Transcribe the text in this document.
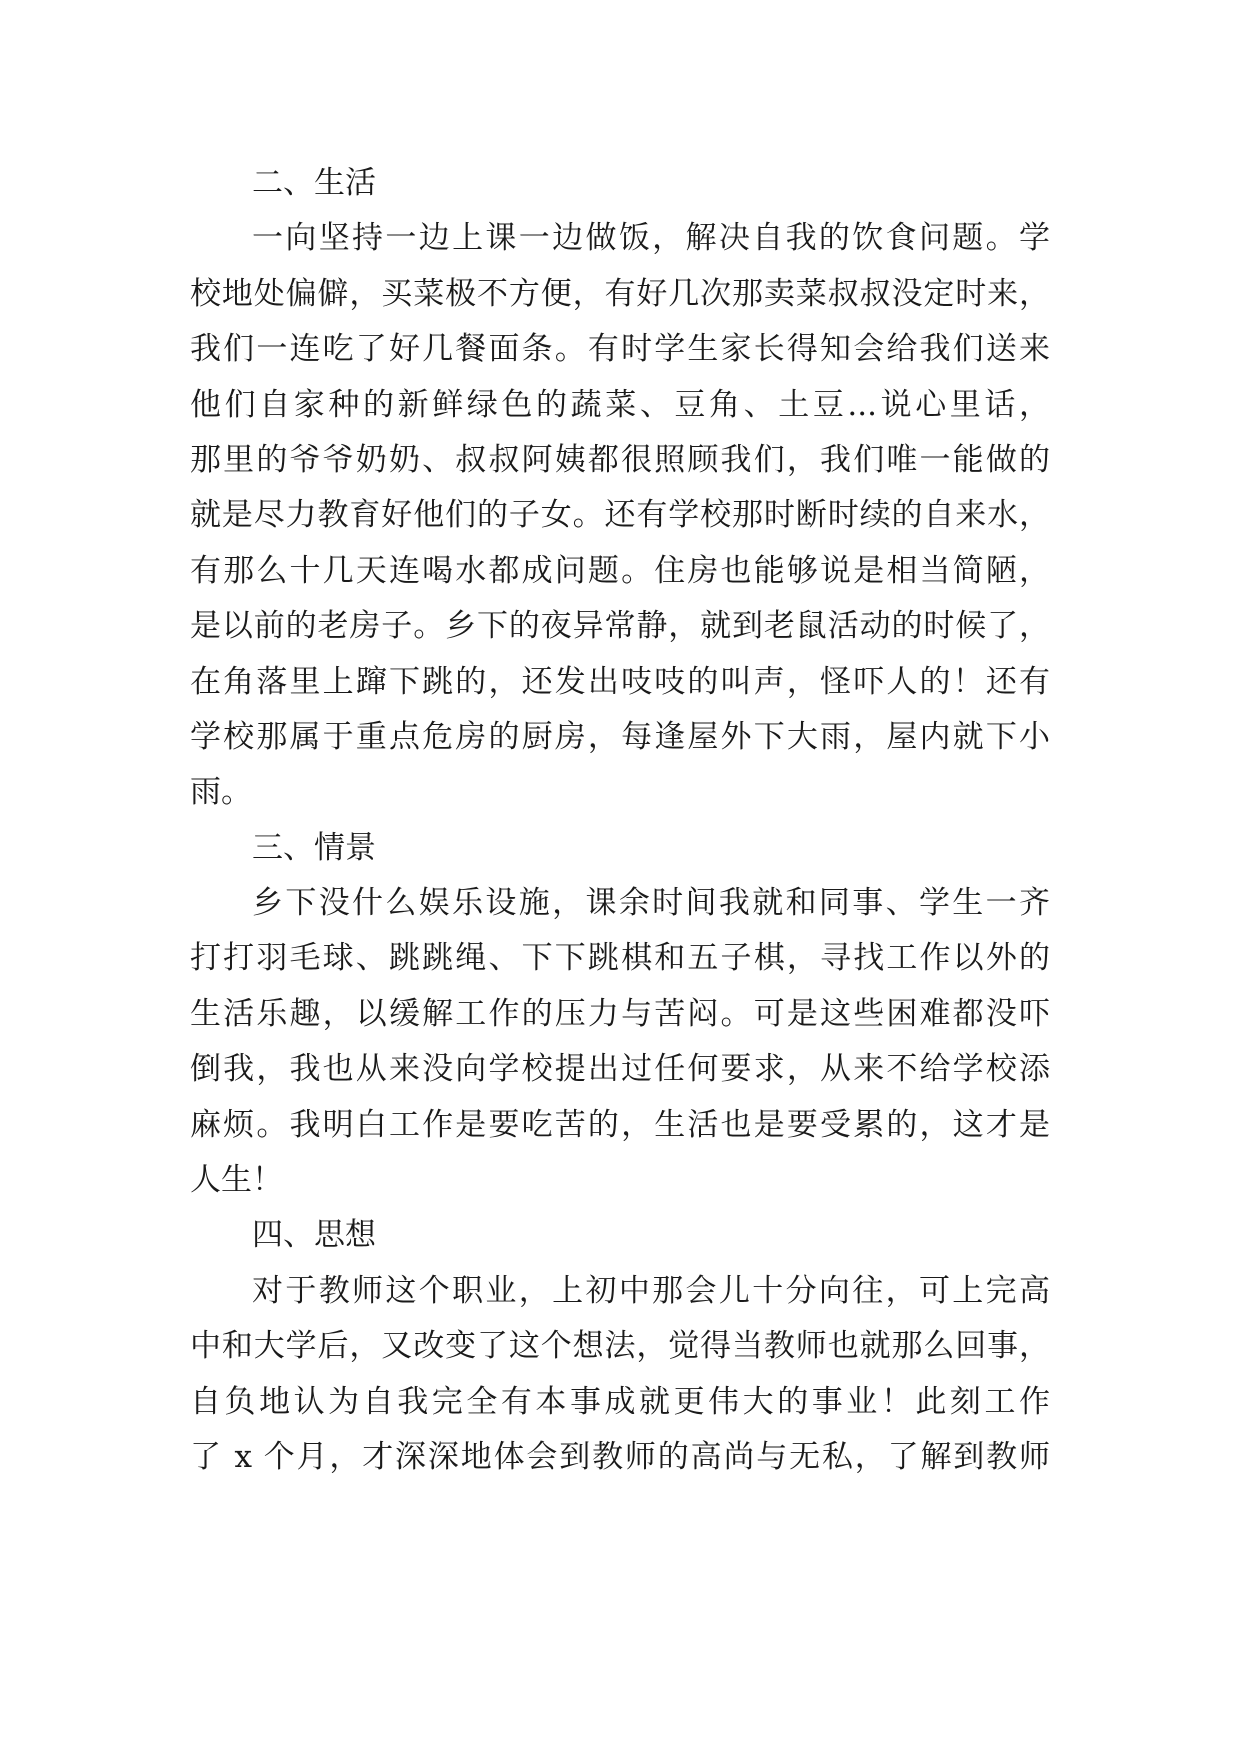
二、生活
一向坚持一边上课一边做饭，解决自我的饮食问题。学
校地处偏僻，买菜极不方便，有好几次那卖菜叔叔没定时来，
我们一连吃了好几餐面条。有时学生家长得知会给我们送来
他们自家种的新鲜绿色的蔬菜、豆角、土豆...说心里话，
那里的爷爷奶奶、叔叔阿姨都很照顾我们，我们唯一能做的
就是尽力教育好他们的子女。还有学校那时断时续的自来水，
有那么十几天连喝水都成问题。住房也能够说是相当简陋，
是以前的老房子。乡下的夜异常静，就到老鼠活动的时候了，
在角落里上蹿下跳的，还发出吱吱的叫声，怪吓人的！还有
学校那属于重点危房的厨房，每逢屋外下大雨，屋内就下小
雨。
三、情景
乡下没什么娱乐设施，课余时间我就和同事、学生一齐
打打羽毛球、跳跳绳、下下跳棋和五子棋，寻找工作以外的
生活乐趣，以缓解工作的压力与苦闷。可是这些困难都没吓
倒我，我也从来没向学校提出过任何要求，从来不给学校添
麻烦。我明白工作是要吃苦的，生活也是要受累的，这才是
人生！
四、思想
对于教师这个职业，上初中那会儿十分向往，可上完高
中和大学后，又改变了这个想法，觉得当教师也就那么回事，
自负地认为自我完全有本事成就更伟大的事业！此刻工作
了 x 个月，才深深地体会到教师的高尚与无私，了解到教师
